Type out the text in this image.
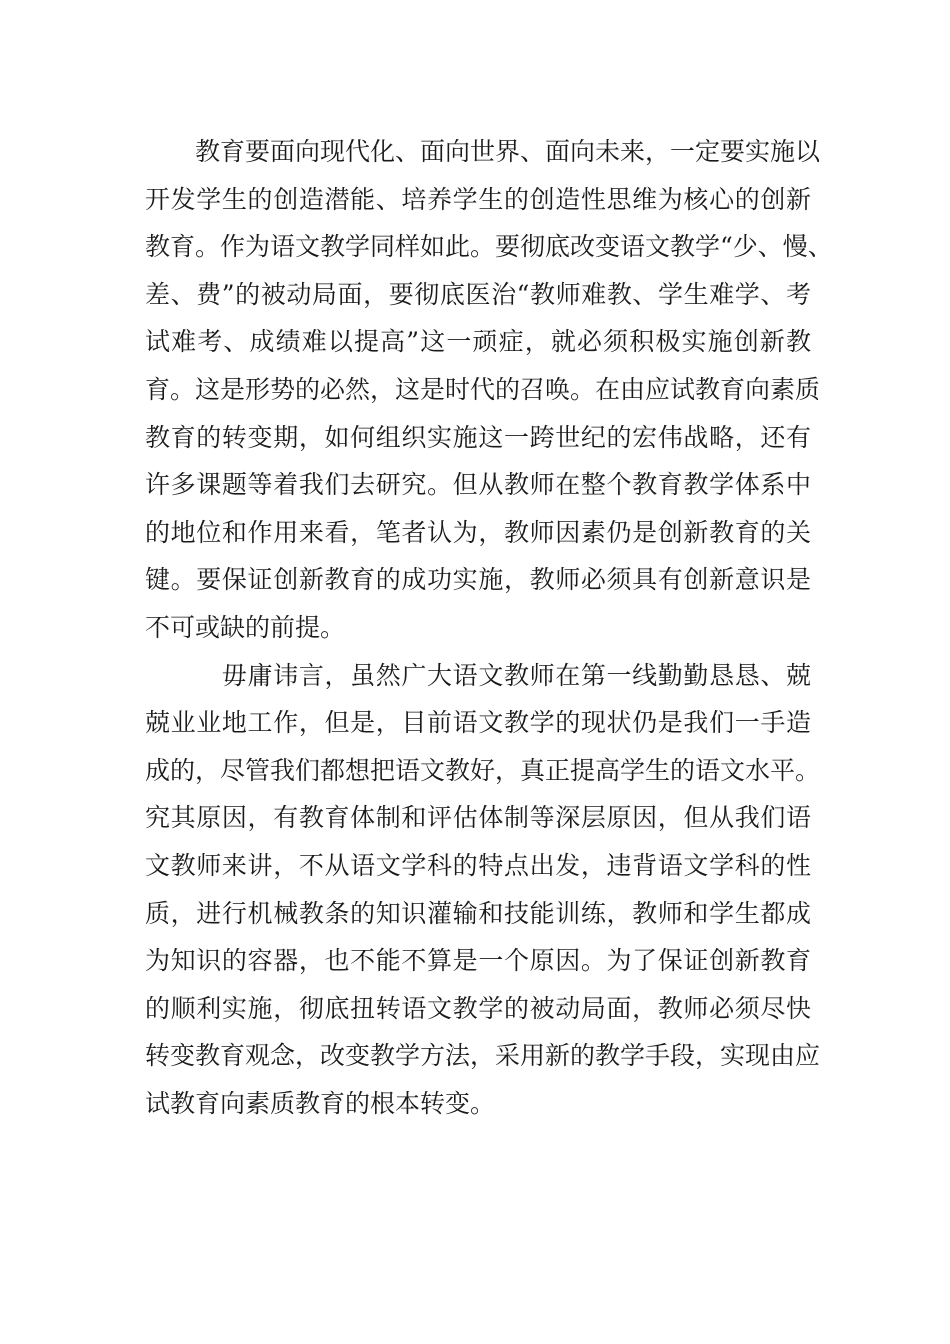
　　教育要面向现代化、面向世界、面向未来，一定要实施以
开发学生的创造潜能、培养学生的创造性思维为核心的创新
教育。作为语文教学同样如此。要彻底改变语文教学“少、慢、
差、费”的被动局面，要彻底医治“教师难教、学生难学、考
试难考、成绩难以提高”这一顽症，就必须积极实施创新教
育。这是形势的必然，这是时代的召唤。在由应试教育向素质
教育的转变期，如何组织实施这一跨世纪的宏伟战略，还有
许多课题等着我们去研究。但从教师在整个教育教学体系中
的地位和作用来看，笔者认为，教师因素仍是创新教育的关
键。要保证创新教育的成功实施，教师必须具有创新意识是
不可或缺的前提。
　　　毋庸讳言，虽然广大语文教师在第一线勤勤恳恳、兢
兢业业地工作，但是，目前语文教学的现状仍是我们一手造
成的，尽管我们都想把语文教好，真正提高学生的语文水平。
究其原因，有教育体制和评估体制等深层原因，但从我们语
文教师来讲，不从语文学科的特点出发，违背语文学科的性
质，进行机械教条的知识灌输和技能训练，教师和学生都成
为知识的容器，也不能不算是一个原因。为了保证创新教育
的顺利实施，彻底扭转语文教学的被动局面，教师必须尽快
转变教育观念，改变教学方法，采用新的教学手段，实现由应
试教育向素质教育的根本转变。
